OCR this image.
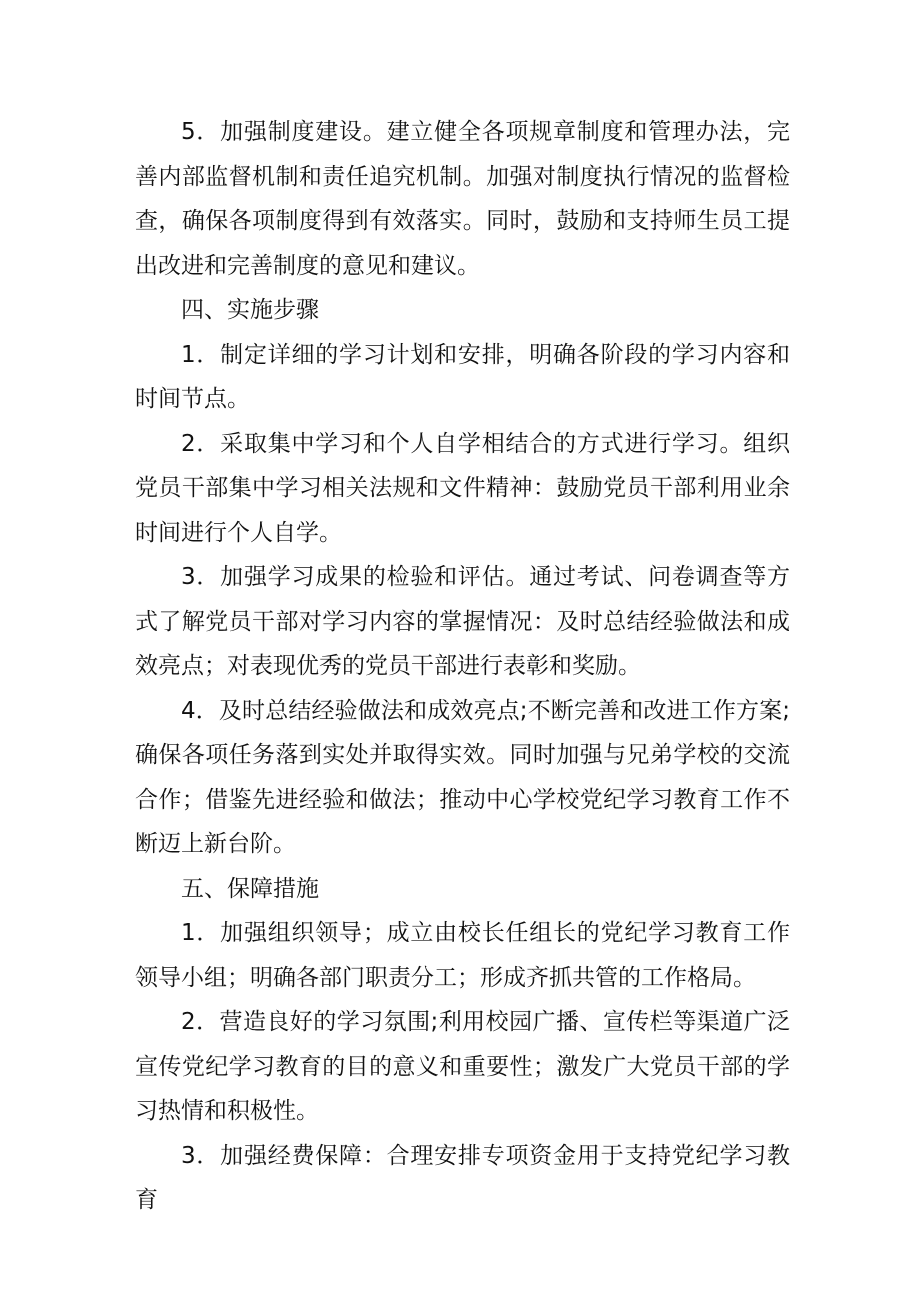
5．加强制度建设。建立健全各项规章制度和管理办法，完善内部监督机制和责任追究机制。加强对制度执行情况的监督检查，确保各项制度得到有效落实。同时，鼓励和支持师生员工提出改进和完善制度的意见和建议。

四、实施步骤

1．制定详细的学习计划和安排，明确各阶段的学习内容和时间节点。

2．采取集中学习和个人自学相结合的方式进行学习。组织党员干部集中学习相关法规和文件精神：鼓励党员干部利用业余时间进行个人自学。

3．加强学习成果的检验和评估。通过考试、问卷调查等方式了解党员干部对学习内容的掌握情况：及时总结经验做法和成效亮点；对表现优秀的党员干部进行表彰和奖励。

4．及时总结经验做法和成效亮点;不断完善和改进工作方案;确保各项任务落到实处并取得实效。同时加强与兄弟学校的交流合作；借鉴先进经验和做法；推动中心学校党纪学习教育工作不断迈上新台阶。

五、保障措施

1．加强组织领导；成立由校长任组长的党纪学习教育工作领导小组；明确各部门职责分工；形成齐抓共管的工作格局。

2．营造良好的学习氛围;利用校园广播、宣传栏等渠道广泛宣传党纪学习教育的目的意义和重要性；激发广大党员干部的学习热情和积极性。

3．加强经费保障：合理安排专项资金用于支持党纪学习教育
